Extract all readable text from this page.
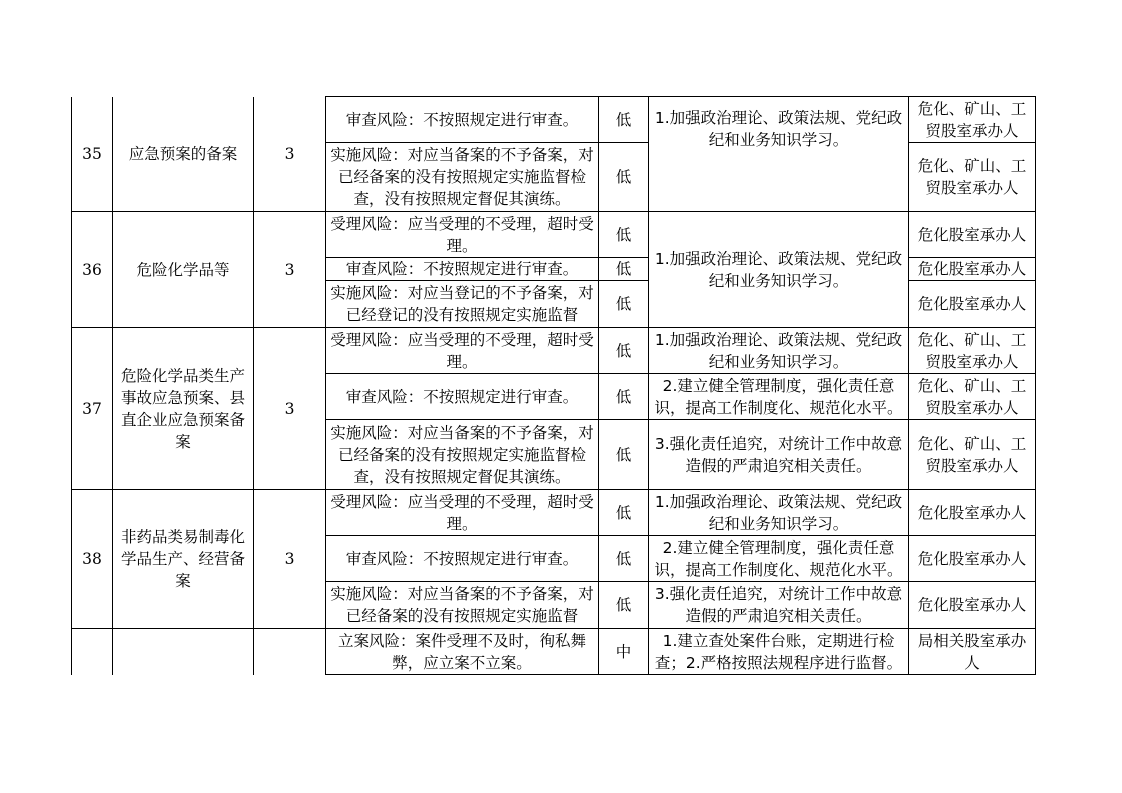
35	应急预案的备案	3	审查风险：不按照规定进行审查。	低	1.加强政治理论、政策法规、党纪政纪和业务知识学习。	危化、矿山、工贸股室承办人
			实施风险：对应当备案的不予备案，对已经备案的没有按照规定实施监督检查，没有按照规定督促其演练。	低		危化、矿山、工贸股室承办人
36	危险化学品等	3	受理风险：应当受理的不受理，超时受理。	低	1.加强政治理论、政策法规、党纪政纪和业务知识学习。	危化股室承办人
			审查风险：不按照规定进行审查。	低		危化股室承办人
			实施风险：对应当登记的不予备案，对已经登记的没有按照规定实施监督	低		危化股室承办人
37	危险化学品类生产事故应急预案、县直企业应急预案备案	3	受理风险：应当受理的不受理，超时受理。	低	1.加强政治理论、政策法规、党纪政纪和业务知识学习。	危化、矿山、工贸股室承办人
			审查风险：不按照规定进行审查。	低	2.建立健全管理制度，强化责任意识，提高工作制度化、规范化水平。	危化、矿山、工贸股室承办人
			实施风险：对应当备案的不予备案，对已经备案的没有按照规定实施监督检查，没有按照规定督促其演练。	低	3.强化责任追究，对统计工作中故意造假的严肃追究相关责任。	危化、矿山、工贸股室承办人
38	非药品类易制毒化学品生产、经营备案	3	受理风险：应当受理的不受理，超时受理。	低	1.加强政治理论、政策法规、党纪政纪和业务知识学习。	危化股室承办人
			审查风险：不按照规定进行审查。	低	2.建立健全管理制度，强化责任意识，提高工作制度化、规范化水平。	危化股室承办人
			实施风险：对应当备案的不予备案，对已经备案的没有按照规定实施监督	低	3.强化责任追究，对统计工作中故意造假的严肃追究相关责任。	危化股室承办人
			立案风险：案件受理不及时，徇私舞弊，应立案不立案。	中	1.建立查处案件台账，定期进行检查；2.严格按照法规程序进行监督。	局相关股室承办人
